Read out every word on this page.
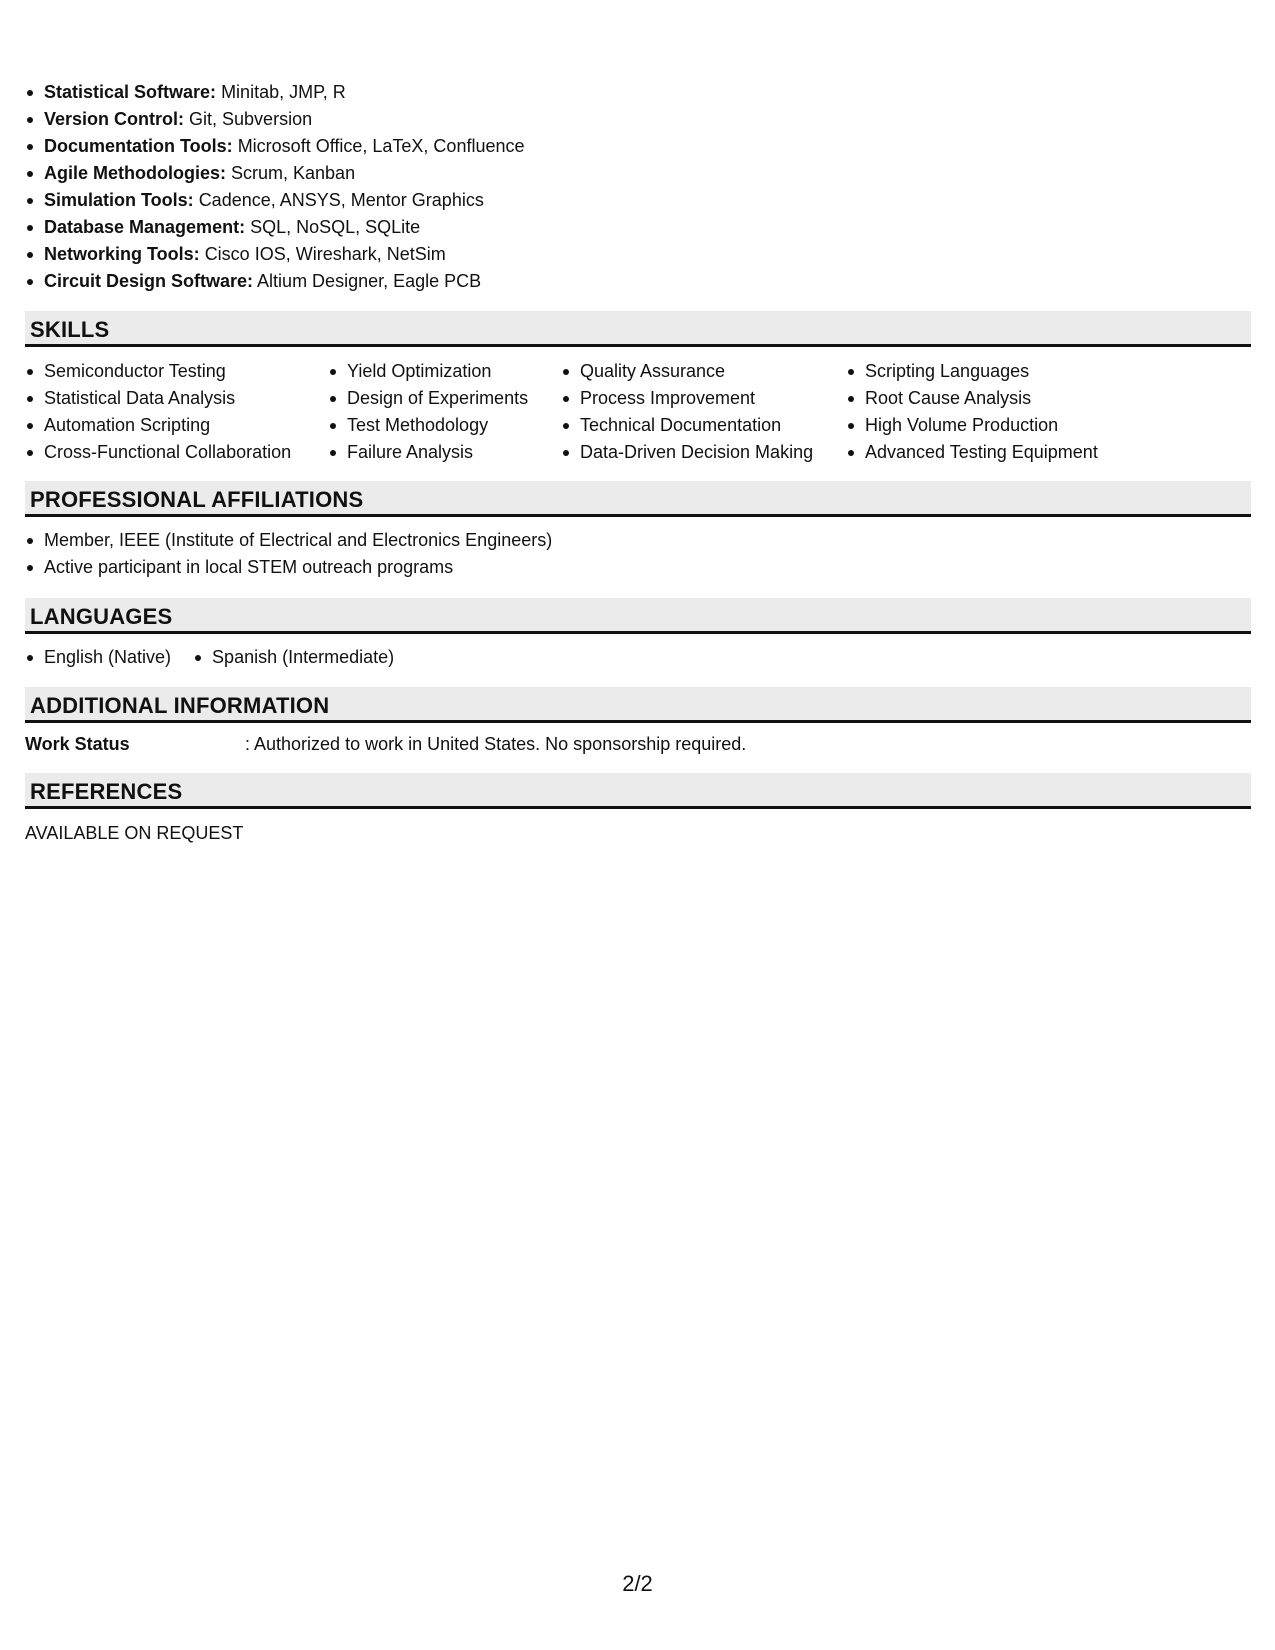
Statistical Software: Minitab, JMP, R
Version Control: Git, Subversion
Documentation Tools: Microsoft Office, LaTeX, Confluence
Agile Methodologies: Scrum, Kanban
Simulation Tools: Cadence, ANSYS, Mentor Graphics
Database Management: SQL, NoSQL, SQLite
Networking Tools: Cisco IOS, Wireshark, NetSim
Circuit Design Software: Altium Designer, Eagle PCB
SKILLS
Semiconductor Testing
Statistical Data Analysis
Automation Scripting
Cross-Functional Collaboration
Yield Optimization
Design of Experiments
Test Methodology
Failure Analysis
Quality Assurance
Process Improvement
Technical Documentation
Data-Driven Decision Making
Scripting Languages
Root Cause Analysis
High Volume Production
Advanced Testing Equipment
PROFESSIONAL AFFILIATIONS
Member, IEEE (Institute of Electrical and Electronics Engineers)
Active participant in local STEM outreach programs
LANGUAGES
English (Native)	Spanish (Intermediate)
ADDITIONAL INFORMATION
Work Status	: Authorized to work in United States. No sponsorship required.
REFERENCES
AVAILABLE ON REQUEST
2/2
